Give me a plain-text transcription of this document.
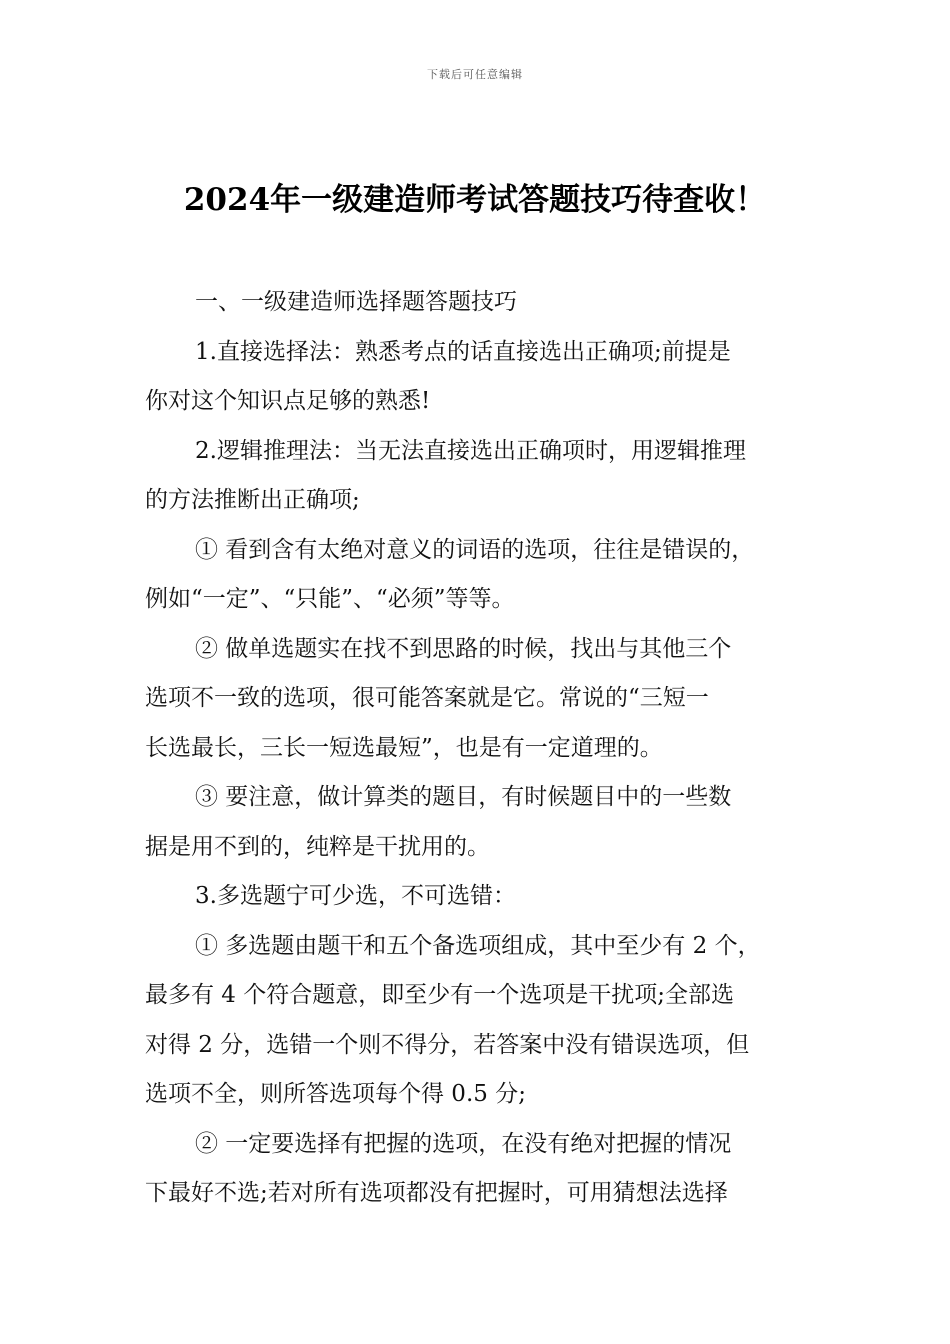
下载后可任意编辑
2024年一级建造师考试答题技巧待查收！
一、一级建造师选择题答题技巧
1.直接选择法：熟悉考点的话直接选出正确项;前提是
你对这个知识点足够的熟悉!
2.逻辑推理法：当无法直接选出正确项时，用逻辑推理
的方法推断出正确项;
① 看到含有太绝对意义的词语的选项，往往是错误的，
例如“一定”、“只能”、“必须”等等。
② 做单选题实在找不到思路的时候，找出与其他三个
选项不一致的选项，很可能答案就是它。常说的“三短一
长选最长，三长一短选最短”，也是有一定道理的。
③ 要注意，做计算类的题目，有时候题目中的一些数
据是用不到的，纯粹是干扰用的。
3.多选题宁可少选，不可选错：
① 多选题由题干和五个备选项组成，其中至少有 2 个，
最多有 4 个符合题意，即至少有一个选项是干扰项;全部选
对得 2 分，选错一个则不得分，若答案中没有错误选项，但
选项不全，则所答选项每个得 0.5 分;
② 一定要选择有把握的选项，在没有绝对把握的情况
下最好不选;若对所有选项都没有把握时，可用猜想法选择
